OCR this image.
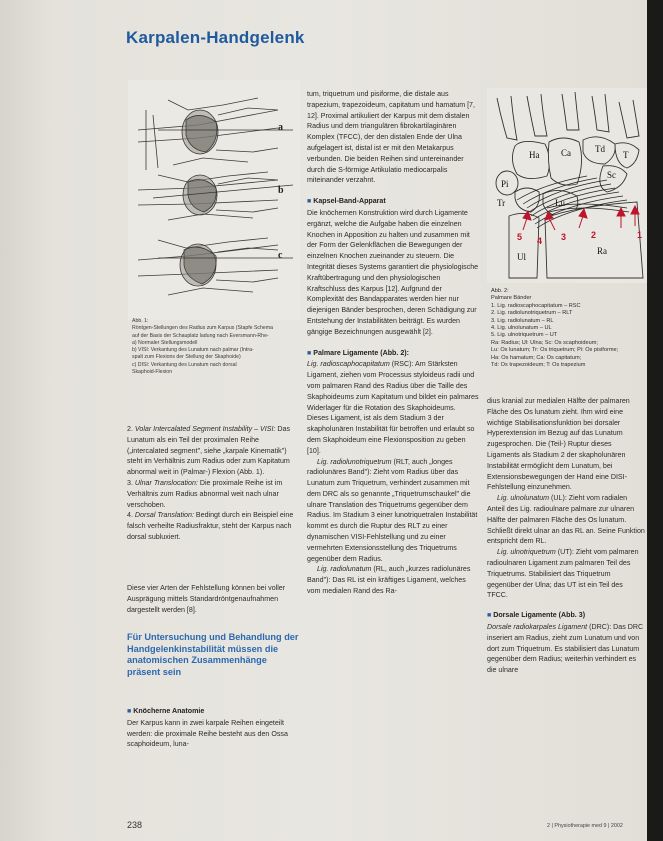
Karpalen-Handgelenk
a
b
c

Abb. 1:

Röntgen-Stellungen des Radius zum Karpus (Stapfe Schema

auf der Basis der Schauplatz ladung nach Eversmann-Rhe-

a) Normaler Stellungsmodell

b) VISI: Verkantung des Lunatum nach palmar (Intra-

spalt zum Flexions der Stellung der Skaphoide)

c) DISI: Verkantung des Lunatum nach dorsal

Skaphoid-Flexion

2. Volar Intercalated Segment Instability – VISI: Das Lunatum als ein Teil der proximalen Reihe („intercalated segment", siehe „karpale Kinematik") steht im Verhältnis zum Radius oder zum Kapitatum abnormal weit in (Palmar-) Flexion (Abb. 1).

3. Ulnar Translocation: Die proximale Reihe ist im Verhältnis zum Radius abnormal weit nach ulnar verschoben.

4. Dorsal Translation: Bedingt durch ein Beispiel eine falsch verheilte Radiusfraktur, steht der Karpus nach dorsal subluxiert.

Diese vier Arten der Fehlstellung können bei voller Ausprägung mittels Standardröntgenaufnahmen dargestellt werden [8].
Für Untersuchung und Behandlung der Handgelenkinstabilität müssen die anatomischen Zusammenhänge präsent sein

■ Knöcherne Anatomie

Der Karpus kann in zwei karpale Reihen eingeteilt werden: die proximale Reihe besteht aus den Ossa scaphoideum, luna-

tum, triquetrum und pisiforme, die distale aus trapezium, trapezoideum, capitatum und hamatum [7, 12]. Proximal artikuliert der Karpus mit dem distalen Radius und dem triangulären fibrokartilaginären Komplex (TFCC), der den distalen Ende der Ulna aufgelagert ist, distal ist er mit den Metakarpus verbunden. Die beiden Reihen sind untereinander durch die S-förmige Artikulatio mediocarpalis miteinander verzahnt.

■ Kapsel-Band-Apparat

Die knöchernen Konstruktion wird durch Ligamente ergänzt, welche die Aufgabe haben die einzelnen Knochen in Apposition zu halten und zusammen mit der Form der Gelenkflächen die Bewegungen der einzelnen Knochen zueinander zu steuern. Die Integrität dieses Systems garantiert die physiologische Kraftübertragung und den physiologischen Kraftschluss des Karpus [12]. Aufgrund der Komplexität des Bandapparates werden hier nur diejenigen Bänder besprochen, deren Schädigung zur Entstehung der Instabilitäten beiträgt. Es wurden gängige Bezeichnungen ausgewählt [2].

■ Palmare Ligamente (Abb. 2):

Lig. radioscaphocapitatum (RSC): Am Stärksten Ligament, ziehen vom Processus styloideus radii und vom palmaren Rand des Radius über die Taille des Skaphoideums zum Kapitatum und bildet ein palmares Widerlager für die Rotation des Skaphoideums. Dieses Ligament, ist als dem Stadium 3 der skapholunären Instabilität für betroffen und erlaubt so dem Skaphoideum eine Flexionsposition zu geben [10].

Lig. radiolunotriquetrum (RLT, auch „longes radiolunäres Band"): Zieht vom Radius über das Lunatum zum Triquetrum, verhindert zusammen mit dem DRC als so genannte „Triquetrumschaukel" die ulnare Translation des Triquetrums gegenüber dem Radius. Im Stadium 3 einer lunotriquetralen Instabilität kommt es durch die Ruptur des RLT zu einer dynamischen VISI-Fehlstellung und zu einer vermehrten Extensionsstellung des Triquetrums gegenüber dem Radius.

Lig. radiolunatum (RL, auch „kurzes radiolunäres Band"): Das RL ist ein kräftiges Ligament, welches vom medialen Rand des Ra-

Ha Ca	Td
T
Sc
Pi
Tr	Lu
Ul
Ra
5 4 3	2	1

Abb. 2:

Palmare Bänder

1. Lig. radioscaphocapitatum – RSC

2. Lig. radiolunotriquetrum – RLT

3. Lig. radiolunatum – RL

4. Lig. ulnolunatum – UL

5. Lig. ulnotriquetrum – UT

Ra: Radius; Ul: Ulna; Sc: Os scaphoideum;

Lu: Os lunatum; Tr: Os triquetrum; Pi: Os pisiforme;

Ha: Os hamatum; Ca: Os capitatum;

Td: Os trapezoideum; T: Os trapezium

dius kranial zur medialen Hälfte der palmaren Fläche des Os lunatum zieht. Ihm wird eine wichtige Stabilisationsfunktion bei dorsaler Hyperextension im Bezug auf das Lunatum zugesprochen. Die (Teil-) Ruptur dieses Ligaments als Stadium 2 der skapholunären Instabilität ermöglicht dem Lunatum, bei Extensionsbewegungen der Hand eine DISI-Fehlstellung einzunehmen.

Lig. ulnolunatum (UL): Zieht vom radialen Anteil des Lig. radioulnare palmare zur ulnaren Hälfte der palmaren Fläche des Os lunatum. Schließt direkt ulnar an das RL an. Seine Funktion entspricht dem RL.

Lig. ulnotriquetrum (UT): Zieht vom palmaren radioulnaren Ligament zum palmaren Teil des Triquetrums. Stabilisiert das Triquetrum gegenüber der Ulna; das UT ist ein Teil des TFCC.

■ Dorsale Ligamente (Abb. 3)

Dorsale radiokarpales Ligament (DRC): Das DRC inseriert am Radius, zieht zum Lunatum und von dort zum Triquetrum. Es stabilisiert das Lunatum gegenüber dem Radius; weiterhin verhindert es die ulnare

238	2 | Physiotherapie med 9 | 2002
